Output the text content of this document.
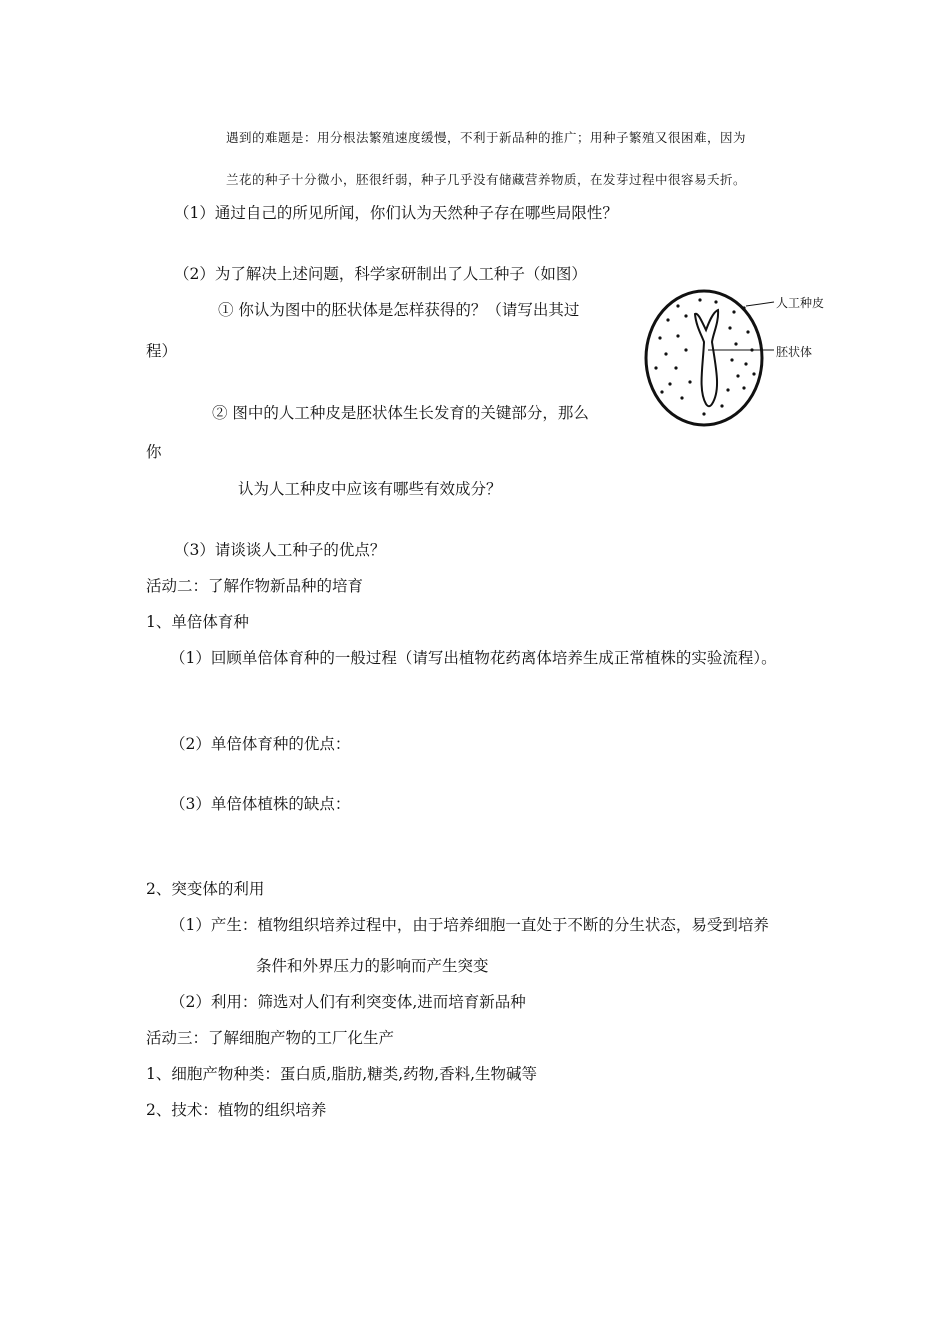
遇到的难题是：用分根法繁殖速度缓慢，不利于新品种的推广；用种子繁殖又很困难，因为
兰花的种子十分微小，胚很纤弱，种子几乎没有储藏营养物质，在发芽过程中很容易夭折。
（1）通过自己的所见所闻，你们认为天然种子存在哪些局限性？
（2）为了解决上述问题，科学家研制出了人工种子（如图）
① 你认为图中的胚状体是怎样获得的？（请写出其过
程）
② 图中的人工种皮是胚状体生长发育的关键部分，那么
你
认为人工种皮中应该有哪些有效成分？
（3）请谈谈人工种子的优点？
人工种皮
胚状体
活动二：了解作物新品种的培育
1、单倍体育种
（1）回顾单倍体育种的一般过程（请写出植物花药离体培养生成正常植株的实验流程）。
（2）单倍体育种的优点：
（3）单倍体植株的缺点：
2、突变体的利用
（1）产生：植物组织培养过程中，由于培养细胞一直处于不断的分生状态，易受到培养
条件和外界压力的影响而产生突变
（2）利用：筛选对人们有利突变体,进而培育新品种
活动三：了解细胞产物的工厂化生产
1、细胞产物种类：蛋白质,脂肪,糖类,药物,香料,生物碱等
2、技术：植物的组织培养
